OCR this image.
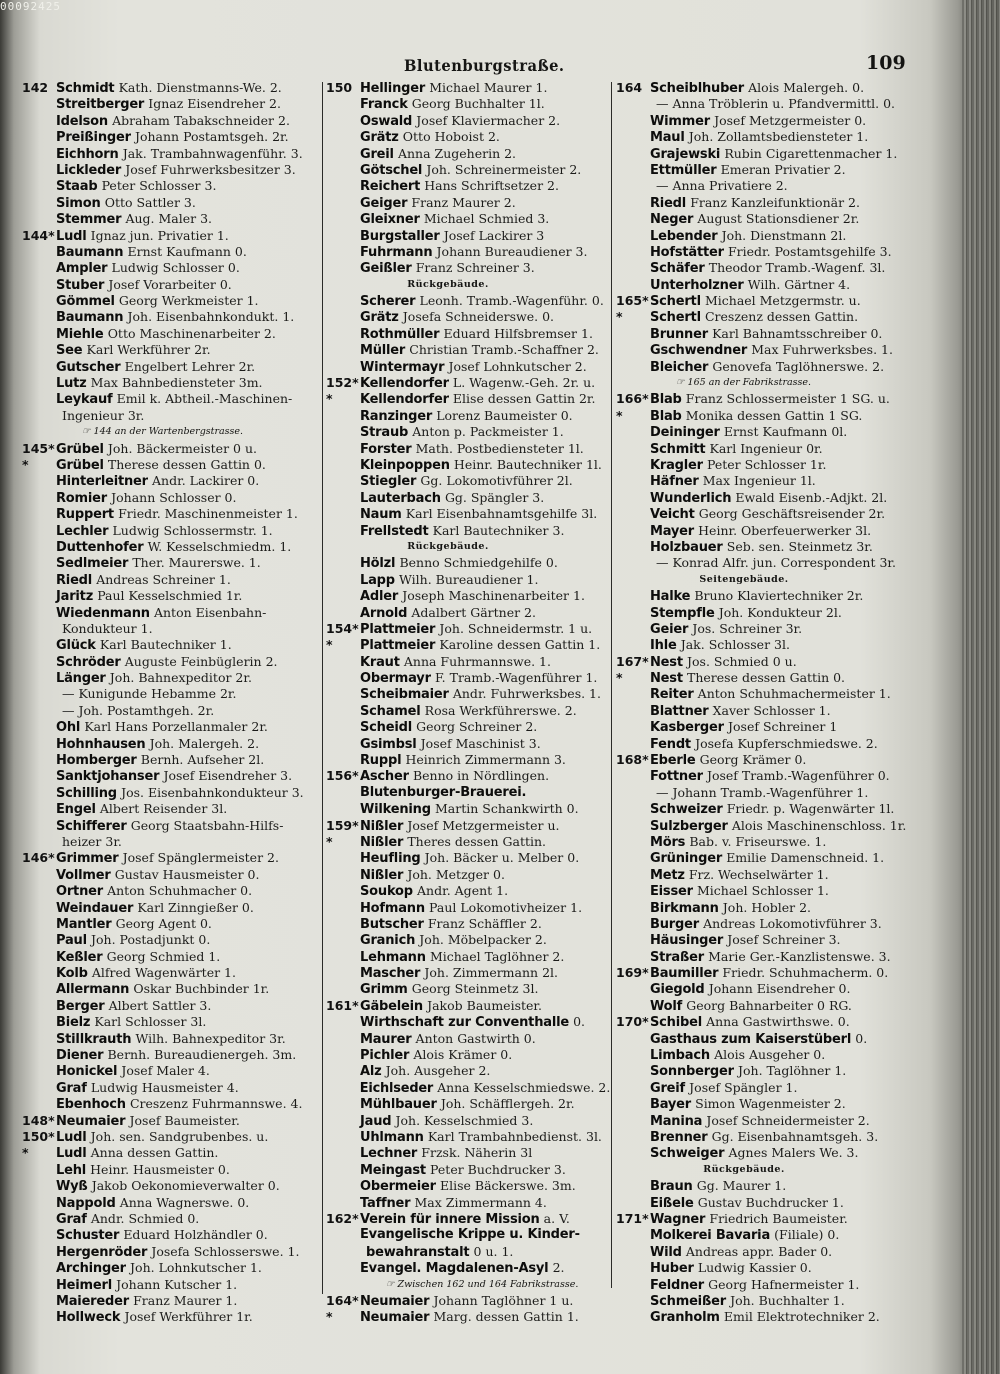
00092425
Blutenburgstraße.	109
142 Schmidt Kath. Dienstmanns-We. 2.
Streitberger Ignaz Eisendreher 2.
Idelson Abraham Tabakschneider 2.
Preißinger Johann Postamtsgeh. 2r.
Eichhorn Jak. Trambahnwagenführ. 3.
Lickleder Josef Fuhrwerksbesitzer 3.
Staab Peter Schlosser 3.
Simon Otto Sattler 3.
Stemmer Aug. Maler 3.
144*Ludl Ignaz jun. Privatier 1.
Baumann Ernst Kaufmann 0.
Ampler Ludwig Schlosser 0.
Stuber Josef Vorarbeiter 0.
Gömmel Georg Werkmeister 1.
Baumann Joh. Eisenbahnkondukt. 1.
Miehle Otto Maschinenarbeiter 2.
See Karl Werkführer 2r.
Gutscher Engelbert Lehrer 2r.
Lutz Max Bahnbediensteter 3m.
Leykauf Emil k. Abtheil.-Maschinen-
Ingenieur 3r.
☞ 144 an der Wartenbergstrasse.
145*Grübel Joh. Bäckermeister 0 u.
* Grübel Therese dessen Gattin 0.
Hinterleitner Andr. Lackirer 0.
Romier Johann Schlosser 0.
Ruppert Friedr. Maschinenmeister 1.
Lechler Ludwig Schlossermstr. 1.
Duttenhofer W. Kesselschmiedm. 1.
Sedlmeier Ther. Maurerswe. 1.
Riedl Andreas Schreiner 1.
Jaritz Paul Kesselschmied 1r.
Wiedenmann Anton Eisenbahn-
Kondukteur 1.
Glück Karl Bautechniker 1.
Schröder Auguste Feinbüglerin 2.
Länger Joh. Bahnexpeditor 2r.
— Kunigunde Hebamme 2r.
— Joh. Postamthgeh. 2r.
Ohl Karl Hans Porzellanmaler 2r.
Hohnhausen Joh. Malergeh. 2.
Homberger Bernh. Aufseher 2l.
Sanktjohanser Josef Eisendreher 3.
Schilling Jos. Eisenbahnkondukteur 3.
Engel Albert Reisender 3l.
Schifferer Georg Staatsbahn-Hilfs-
heizer 3r.
146*Grimmer Josef Spänglermeister 2.
Vollmer Gustav Hausmeister 0.
Ortner Anton Schuhmacher 0.
Weindauer Karl Zinngießer 0.
Mantler Georg Agent 0.
Paul Joh. Postadjunkt 0.
Keßler Georg Schmied 1.
Kolb Alfred Wagenwärter 1.
Allermann Oskar Buchbinder 1r.
Berger Albert Sattler 3.
Bielz Karl Schlosser 3l.
Stillkrauth Wilh. Bahnexpeditor 3r.
Diener Bernh. Bureaudienergeh. 3m.
Honickel Josef Maler 4.
Graf Ludwig Hausmeister 4.
Ebenhoch Creszenz Fuhrmannswe. 4.
148*Neumaier Josef Baumeister.
150*Ludl Joh. sen. Sandgrubenbes. u.
* Ludl Anna dessen Gattin.
Lehl Heinr. Hausmeister 0.
Wyß Jakob Oekonomieverwalter 0.
Nappold Anna Wagnerswe. 0.
Graf Andr. Schmied 0.
Schuster Eduard Holzhändler 0.
Hergenröder Josefa Schlosserswe. 1.
Archinger Joh. Lohnkutscher 1.
Heimerl Johann Kutscher 1.
Maiereder Franz Maurer 1.
Hollweck Josef Werkführer 1r.
150 Hellinger Michael Maurer 1.
Franck Georg Buchhalter 1l.
Oswald Josef Klaviermacher 2.
Grätz Otto Hoboist 2.
Greil Anna Zugeherin 2.
Götschel Joh. Schreinermeister 2.
Reichert Hans Schriftsetzer 2.
Geiger Franz Maurer 2.
Gleixner Michael Schmied 3.
Burgstaller Josef Lackirer 3
Fuhrmann Johann Bureaudiener 3.
Geißler Franz Schreiner 3.
Rückgebäude.
Scherer Leonh. Tramb.-Wagenführ. 0.
Grätz Josefa Schneiderswe. 0.
Rothmüller Eduard Hilfsbremser 1.
Müller Christian Tramb.-Schaffner 2.
Wintermayr Josef Lohnkutscher 2.
152*Kellendorfer L. Wagenw.-Geh. 2r. u.
* Kellendorfer Elise dessen Gattin 2r.
Ranzinger Lorenz Baumeister 0.
Straub Anton p. Packmeister 1.
Forster Math. Postbediensteter 1l.
Kleinpoppen Heinr. Bautechniker 1l.
Stiegler Gg. Lokomotivführer 2l.
Lauterbach Gg. Spängler 3.
Naum Karl Eisenbahnamtsgehilfe 3l.
Frellstedt Karl Bautechniker 3.
Rückgebäude.
Hölzl Benno Schmiedgehilfe 0.
Lapp Wilh. Bureaudiener 1.
Adler Joseph Maschinenarbeiter 1.
Arnold Adalbert Gärtner 2.
154*Plattmeier Joh. Schneidermstr. 1 u.
* Plattmeier Karoline dessen Gattin 1.
Kraut Anna Fuhrmannswe. 1.
Obermayr F. Tramb.-Wagenführer 1.
Scheibmaier Andr. Fuhrwerksbes. 1.
Schamel Rosa Werkführerswe. 2.
Scheidl Georg Schreiner 2.
Gsimbsl Josef Maschinist 3.
Ruppl Heinrich Zimmermann 3.
156*Ascher Benno in Nördlingen.
Blutenburger-Brauerei.
Wilkening Martin Schankwirth 0.
159*Nißler Josef Metzgermeister u.
* Nißler Theres dessen Gattin.
Heufling Joh. Bäcker u. Melber 0.
Nißler Joh. Metzger 0.
Soukop Andr. Agent 1.
Hofmann Paul Lokomotivheizer 1.
Butscher Franz Schäffler 2.
Granich Joh. Möbelpacker 2.
Lehmann Michael Taglöhner 2.
Mascher Joh. Zimmermann 2l.
Grimm Georg Steinmetz 3l.
161*Gäbelein Jakob Baumeister.
Wirthschaft zur Conventhalle 0.
Maurer Anton Gastwirth 0.
Pichler Alois Krämer 0.
Alz Joh. Ausgeher 2.
Eichlseder Anna Kesselschmiedswe. 2.
Mühlbauer Joh. Schäfflergeh. 2r.
Jaud Joh. Kesselschmied 3.
Uhlmann Karl Trambahnbedienst. 3l.
Lechner Frzsk. Näherin 3l
Meingast Peter Buchdrucker 3.
Obermeier Elise Bäckerswe. 3m.
Taffner Max Zimmermann 4.
162*Verein für innere Mission a. V.
Evangelische Krippe u. Kinder-
bewahranstalt 0 u. 1.
Evangel. Magdalenen-Asyl 2.
☞ Zwischen 162 und 164 Fabrikstrasse.
164*Neumaier Johann Taglöhner 1 u.
* Neumaier Marg. dessen Gattin 1.
164 Scheiblhuber Alois Malergeh. 0.
— Anna Tröblerin u. Pfandvermittl. 0.
Wimmer Josef Metzgermeister 0.
Maul Joh. Zollamtsbediensteter 1.
Grajewski Rubin Cigarettenmacher 1.
Ettmüller Emeran Privatier 2.
— Anna Privatiere 2.
Riedl Franz Kanzleifunktionär 2.
Neger August Stationsdiener 2r.
Lebender Joh. Dienstmann 2l.
Hofstätter Friedr. Postamtsgehilfe 3.
Schäfer Theodor Tramb.-Wagenf. 3l.
Unterholzner Wilh. Gärtner 4.
165*Schertl Michael Metzgermstr. u.
* Schertl Creszenz dessen Gattin.
Brunner Karl Bahnamtsschreiber 0.
Gschwendner Max Fuhrwerksbes. 1.
Bleicher Genovefa Taglöhnerswe. 2.
☞ 165 an der Fabrikstrasse.
166*Blab Franz Schlossermeister 1 SG. u.
* Blab Monika dessen Gattin 1 SG.
Deininger Ernst Kaufmann 0l.
Schmitt Karl Ingenieur 0r.
Kragler Peter Schlosser 1r.
Häfner Max Ingenieur 1l.
Wunderlich Ewald Eisenb.-Adjkt. 2l.
Veicht Georg Geschäftsreisender 2r.
Mayer Heinr. Oberfeuerwerker 3l.
Holzbauer Seb. sen. Steinmetz 3r.
— Konrad Alfr. jun. Correspondent 3r.
Seitengebäude.
Halke Bruno Klaviertechniker 2r.
Stempfle Joh. Kondukteur 2l.
Geier Jos. Schreiner 3r.
Ihle Jak. Schlosser 3l.
167*Nest Jos. Schmied 0 u.
* Nest Therese dessen Gattin 0.
Reiter Anton Schuhmachermeister 1.
Blattner Xaver Schlosser 1.
Kasberger Josef Schreiner 1
Fendt Josefa Kupferschmiedswe. 2.
168*Eberle Georg Krämer 0.
Fottner Josef Tramb.-Wagenführer 0.
— Johann Tramb.-Wagenführer 1.
Schweizer Friedr. p. Wagenwärter 1l.
Sulzberger Alois Maschinenschloss. 1r.
Mörs Bab. v. Friseurswe. 1.
Grüninger Emilie Damenschneid. 1.
Metz Frz. Wechselwärter 1.
Eisser Michael Schlosser 1.
Birkmann Joh. Hobler 2.
Burger Andreas Lokomotivführer 3.
Häusinger Josef Schreiner 3.
Straßer Marie Ger.-Kanzlistenswe. 3.
169*Baumiller Friedr. Schuhmacherm. 0.
Giegold Johann Eisendreher 0.
Wolf Georg Bahnarbeiter 0 RG.
170*Schibel Anna Gastwirthswe. 0.
Gasthaus zum Kaiserstüberl 0.
Limbach Alois Ausgeher 0.
Sonnberger Joh. Taglöhner 1.
Greif Josef Spängler 1.
Bayer Simon Wagenmeister 2.
Manina Josef Schneidermeister 2.
Brenner Gg. Eisenbahnamtsgeh. 3.
Schweiger Agnes Malers We. 3.
Rückgebäude.
Braun Gg. Maurer 1.
Eißele Gustav Buchdrucker 1.
171*Wagner Friedrich Baumeister.
Molkerei Bavaria (Filiale) 0.
Wild Andreas appr. Bader 0.
Huber Ludwig Kassier 0.
Feldner Georg Hafnermeister 1.
Schmeißer Joh. Buchhalter 1.
Granholm Emil Elektrotechniker 2.
